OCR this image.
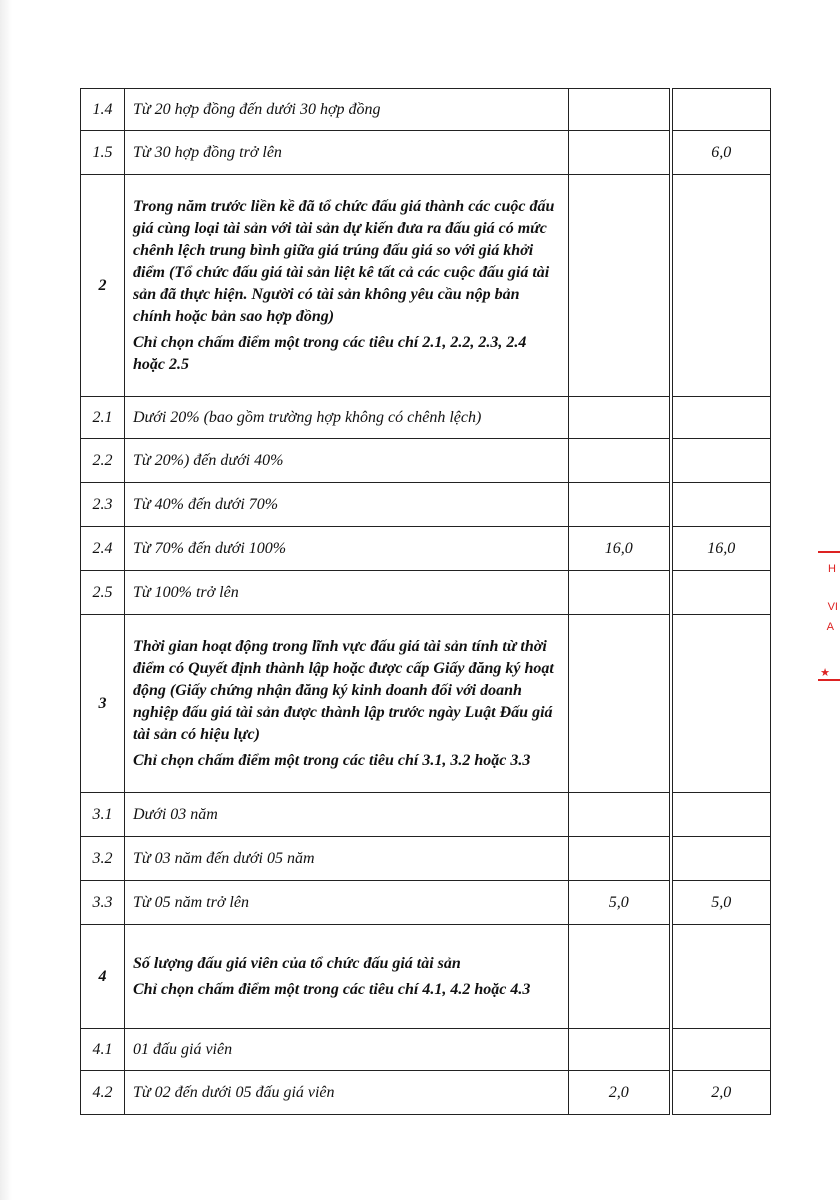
1.4	Từ 20 hợp đồng đến dưới 30 hợp đồng		
1.5	Từ 30 hợp đồng trở lên		6,0
2	Trong năm trước liền kề đã tổ chức đấu giá thành các cuộc đấu giá cùng loại tài sản với tài sản dự kiến đưa ra đấu giá có mức chênh lệch trung bình giữa giá trúng đấu giá so với giá khởi điểm (Tổ chức đấu giá tài sản liệt kê tất cả các cuộc đấu giá tài sản đã thực hiện. Người có tài sản không yêu cầu nộp bản chính hoặc bản sao hợp đồng)

Chỉ chọn chấm điểm một trong các tiêu chí 2.1, 2.2, 2.3, 2.4 hoặc 2.5		

2.1	Dưới 20% (bao gồm trường hợp không có chênh lệch)		
2.2	Từ 20%) đến dưới 40%		
2.3	Từ 40% đến dưới 70%		
2.4	Từ 70% đến dưới 100%	16,0	16,0
2.5	Từ 100% trở lên		
3	Thời gian hoạt động trong lĩnh vực đấu giá tài sản tính từ thời điểm có Quyết định thành lập hoặc được cấp Giấy đăng ký hoạt động (Giấy chứng nhận đăng ký kinh doanh đối với doanh nghiệp đấu giá tài sản được thành lập trước ngày Luật Đấu giá tài sản có hiệu lực)

Chỉ chọn chấm điểm một trong các tiêu chí 3.1, 3.2 hoặc 3.3		

3.1	Dưới 03 năm		
3.2	Từ 03 năm đến dưới 05 năm		
3.3	Từ 05 năm trở lên	5,0	5,0
4	Số lượng đấu giá viên của tổ chức đấu giá tài sản

Chỉ chọn chấm điểm một trong các tiêu chí 4.1, 4.2 hoặc 4.3		

4.1	01 đấu giá viên		
4.2	Từ 02 đến dưới 05 đấu giá viên	2,0	2,0
H
VI
A
★
